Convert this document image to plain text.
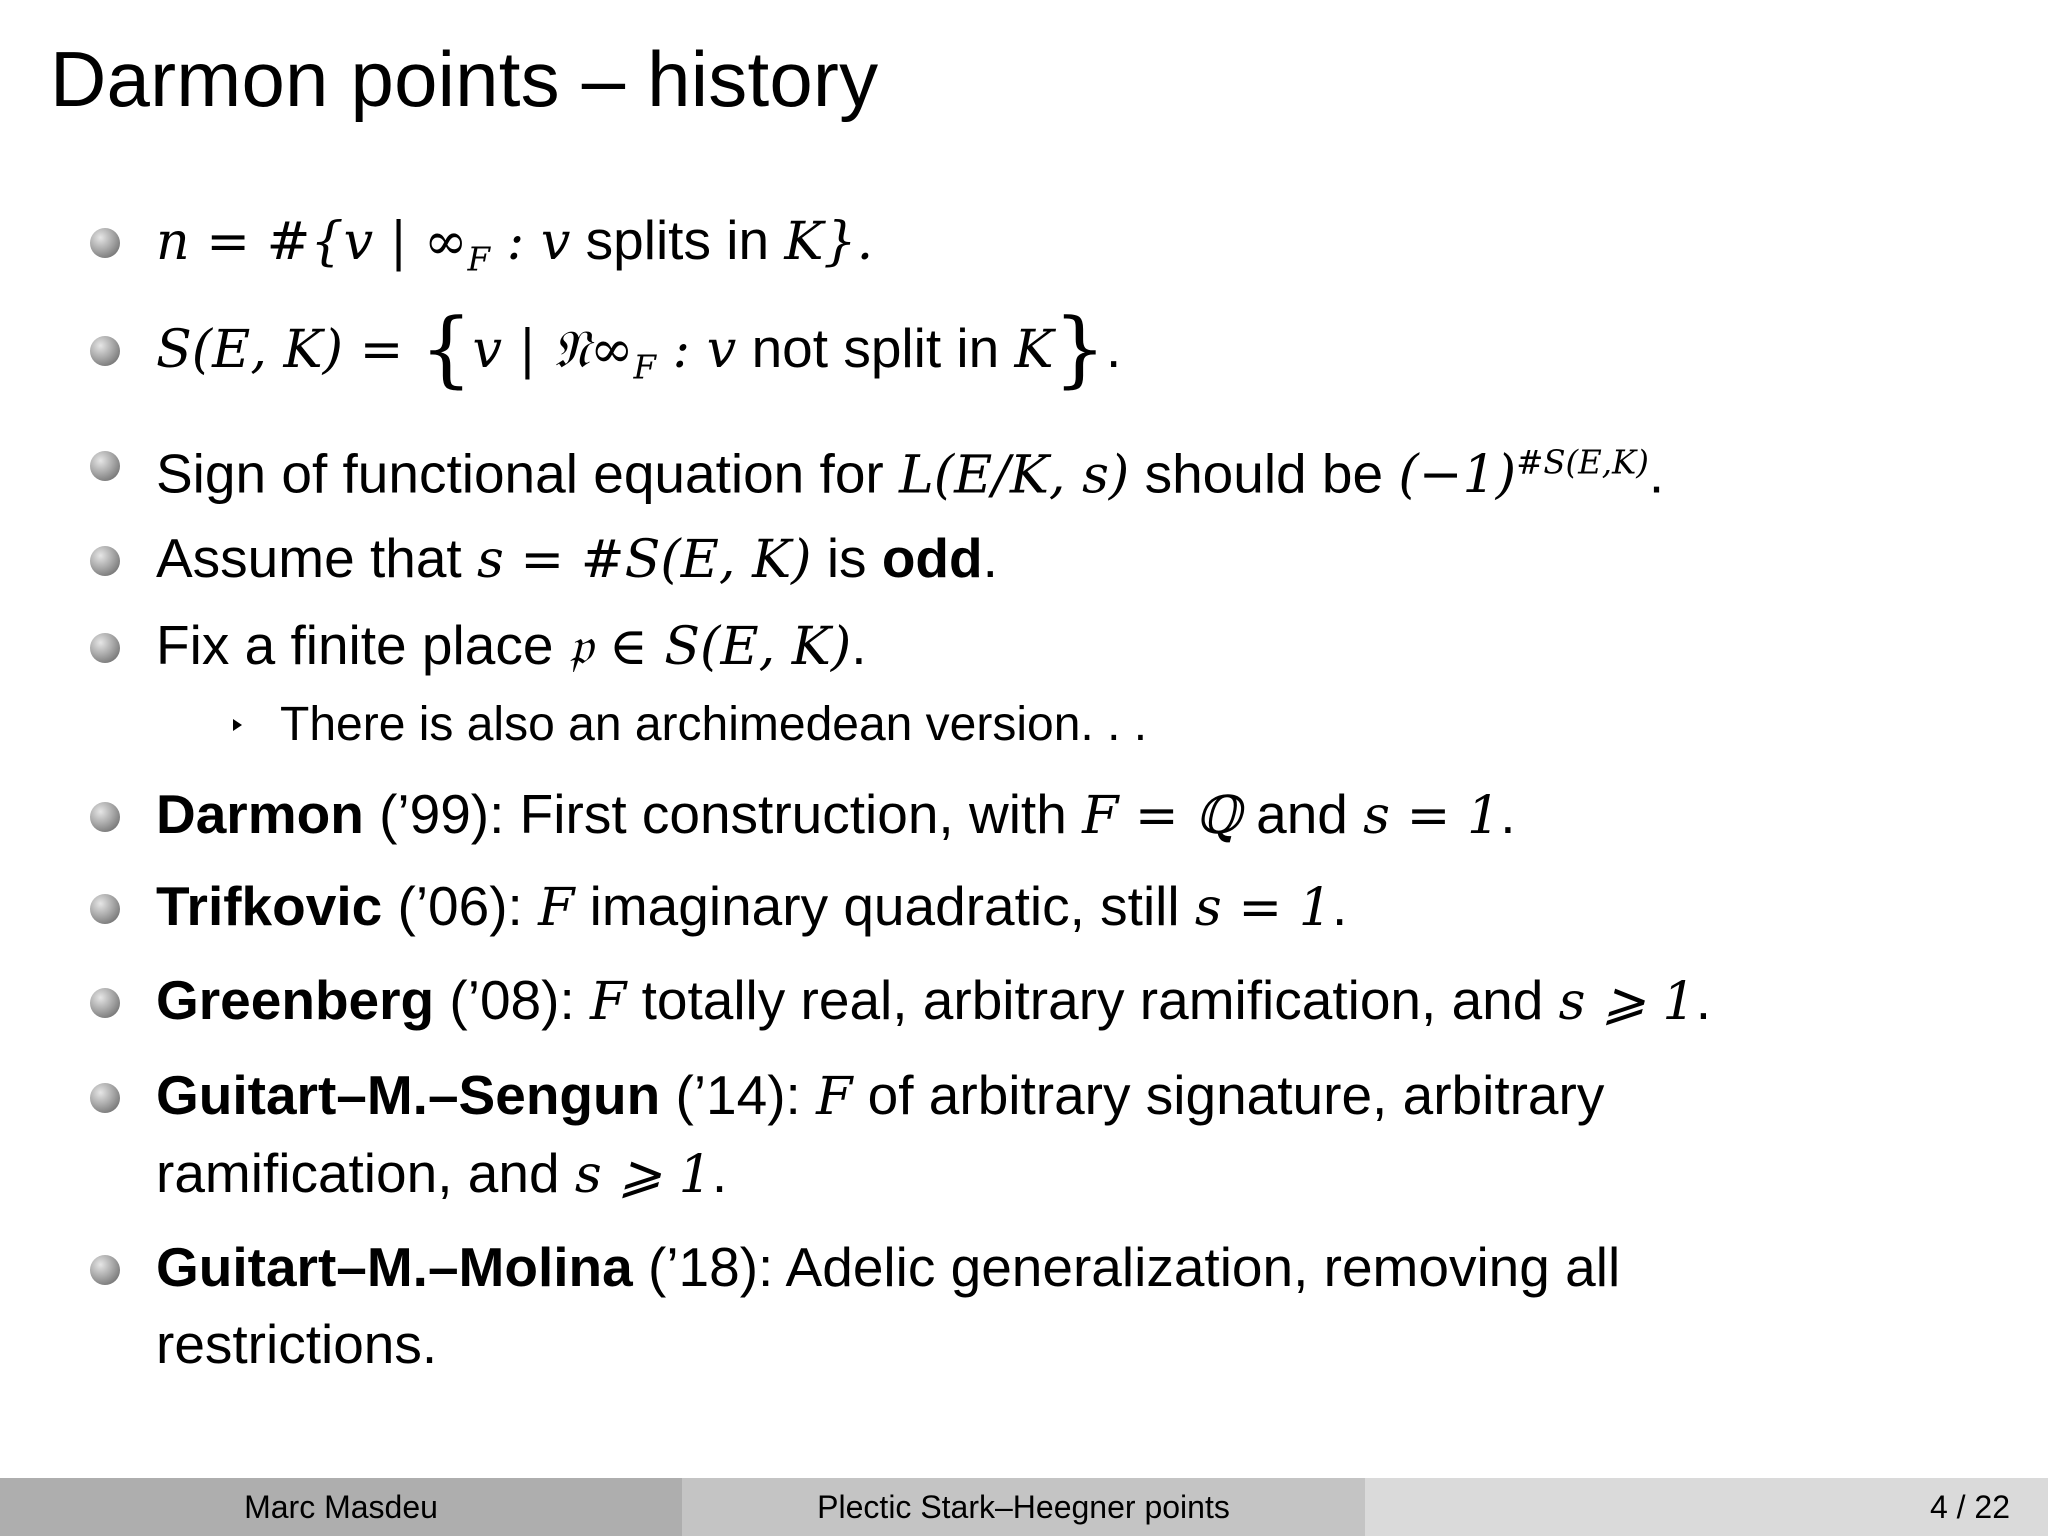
Darmon points – history
n = #{v | $\infty_F$ : v splits in K}.
S(E, K) = {v | $𝔑\infty_F$ : v not split in K}.
Sign of functional equation for L(E/K, s) should be $(-1)^{\#S(E,K)}$.
Assume that s = #S(E, K) is odd.
Fix a finite place 𝔭 ∈ S(E, K).
There is also an archimedean version. . .
Darmon (’99): First construction, with F = ℚ and s = 1.
Trifkovic (’06): F imaginary quadratic, still s = 1.
Greenberg (’08): F totally real, arbitrary ramification, and s ⩾ 1.
Guitart–M.–Sengun (’14): F of arbitrary signature, arbitrary
ramification, and s ⩾ 1.
Guitart–M.–Molina (’18): Adelic generalization, removing all
restrictions.
Marc Masdeu	Plectic Stark–Heegner points	4 / 22
